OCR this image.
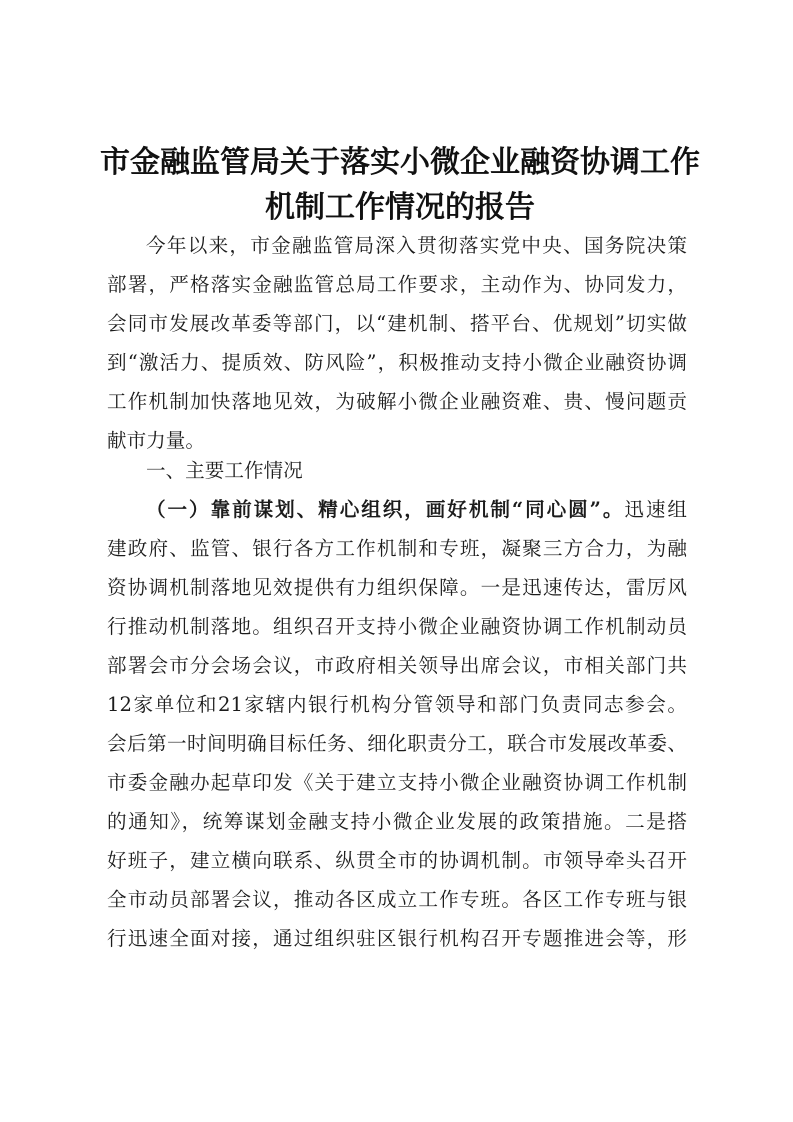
市金融监管局关于落实小微企业融资协调工作
机制工作情况的报告
今年以来，市金融监管局深入贯彻落实党中央、国务院决策
部署，严格落实金融监管总局工作要求，主动作为、协同发力，
会同市发展改革委等部门，以“建机制、搭平台、优规划”切实做
到“激活力、提质效、防风险”，积极推动支持小微企业融资协调
工作机制加快落地见效，为破解小微企业融资难、贵、慢问题贡
献市力量。
一、主要工作情况
（一）靠前谋划、精心组织，画好机制“同心圆”。迅速组
建政府、监管、银行各方工作机制和专班，凝聚三方合力，为融
资协调机制落地见效提供有力组织保障。一是迅速传达，雷厉风
行推动机制落地。组织召开支持小微企业融资协调工作机制动员
部署会市分会场会议，市政府相关领导出席会议，市相关部门共
12家单位和21家辖内银行机构分管领导和部门负责同志参会。
会后第一时间明确目标任务、细化职责分工，联合市发展改革委、
市委金融办起草印发《关于建立支持小微企业融资协调工作机制
的通知》，统筹谋划金融支持小微企业发展的政策措施。二是搭
好班子，建立横向联系、纵贯全市的协调机制。市领导牵头召开
全市动员部署会议，推动各区成立工作专班。各区工作专班与银
行迅速全面对接，通过组织驻区银行机构召开专题推进会等，形
